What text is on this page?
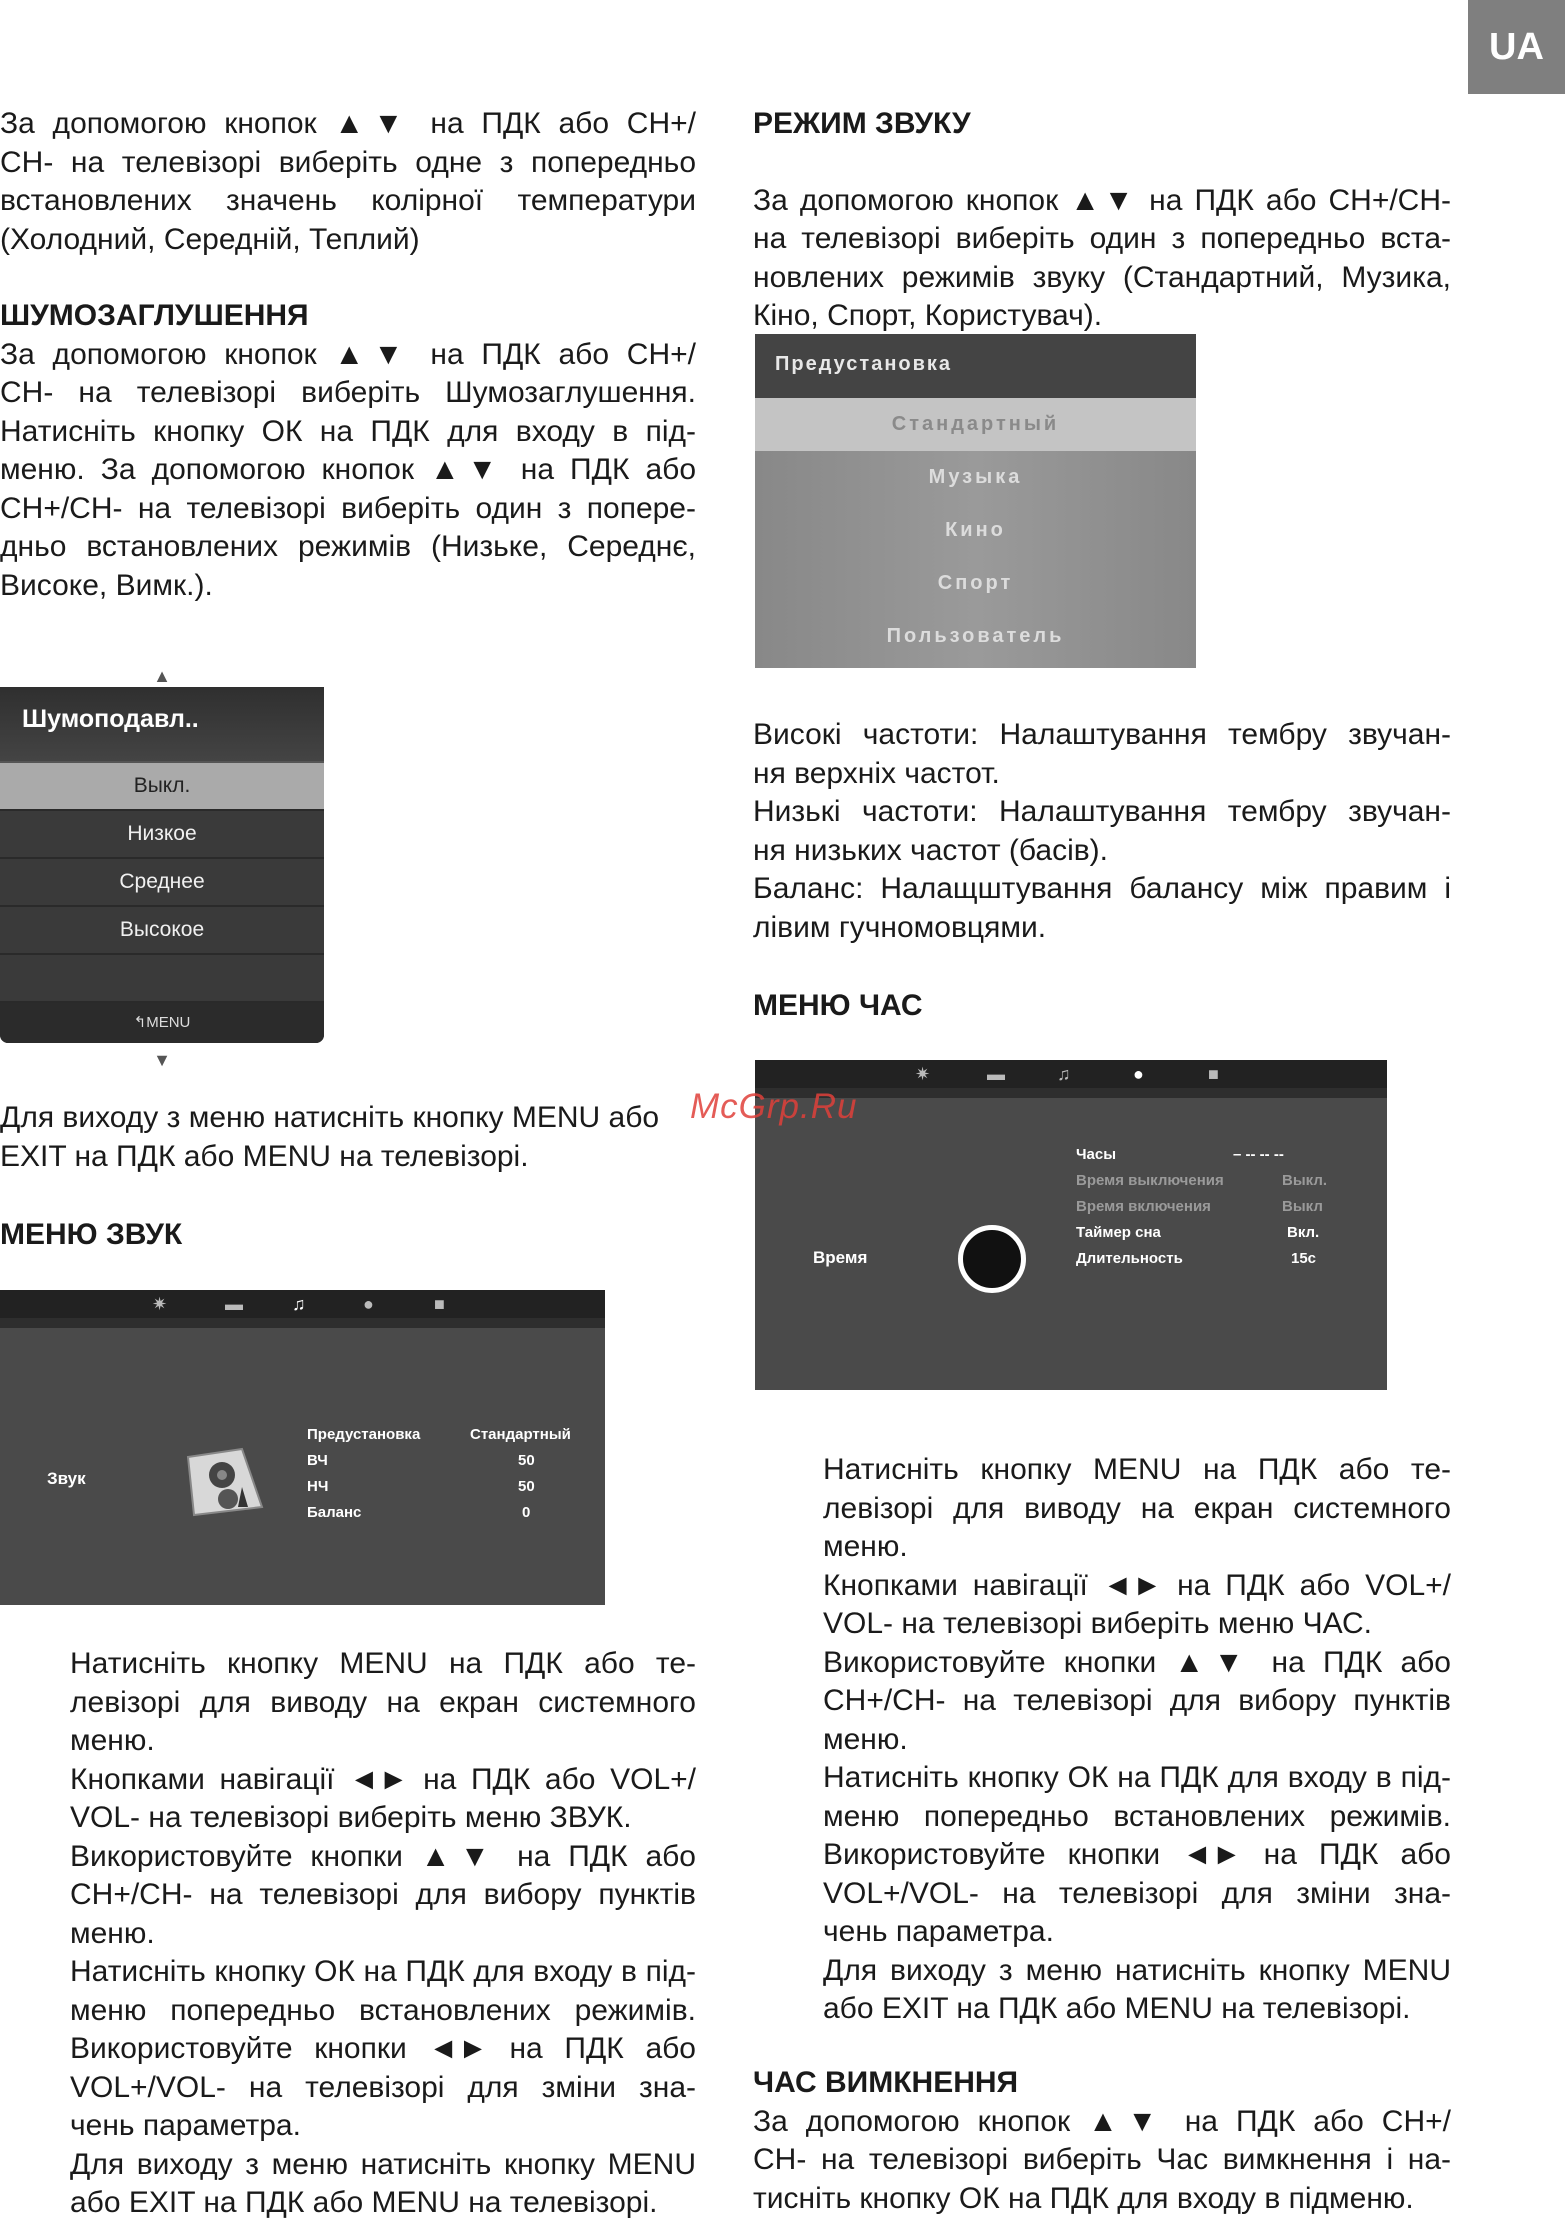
UA

За допомогою кнопок ▲▼ на ПДК або CH+/

CH- на телевізорі виберіть одне з попередньо

встановлених значень колірної температури

(Холодний, Середній, Теплий)

ШУМОЗАГЛУШЕННЯ

За допомогою кнопок ▲▼ на ПДК або CH+/

CH- на телевізорі виберіть Шумозаглушення.

Натисніть кнопку ОК на ПДК для входу в під-

меню. За допомогою кнопок ▲▼ на ПДК або

CH+/CH- на телевізорі виберіть один з попере-

дньо встановлених режимів (Низьке, Середнє,

Високе, Вимк.).

▲
Шумоподавл..
Выкл.
Низкое
Среднее
Высокое
↰MENU
▼

Для виходу з меню натисніть кнопку MENU або

EXIT на ПДК або MENU на телевізорі.

МЕНЮ ЗВУК

✷	▬	♫	●	■
Звук
Предустановка	Стандартный
ВЧ	50
НЧ	50
Баланс	0

Натисніть кнопку MENU на ПДК або те-

левізорі для виводу на екран системного

меню.

Кнопками навігації ◄► на ПДК або VOL+/

VOL- на телевізорі виберіть меню ЗВУК.

Використовуйте кнопки ▲▼ на ПДК або

CH+/CH- на телевізорі для вибору пунктів

меню.

Натисніть кнопку ОК на ПДК для входу в під-

меню попередньо встановлених режимів.

Використовуйте кнопки ◄► на ПДК або

VOL+/VOL- на телевізорі для зміни зна-

чень параметра.

Для виходу з меню натисніть кнопку MENU

або EXIT на ПДК або MENU на телевізорі.

РЕЖИМ ЗВУКУ

За допомогою кнопок ▲▼ на ПДК або CH+/CH-

на телевізорі виберіть один з попередньо вста-

новлених режимів звуку (Стандартний, Музика,

Кіно, Спорт, Користувач).

Предустановка
Стандартный
Музыка
Кино
Спорт
Пользователь

Високі частоти: Налаштування тембру звучан-

ня верхніх частот.

Низькі частоти: Налаштування тембру звучан-

ня низьких частот (басів).

Баланс: Налащштування балансу між правим і

лівим гучномовцями.

МЕНЮ ЧАС

✷	▬	♫	●	■
Время
Часы	– -- -- --
Время выключения	Выкл.
Время включения	Выкл
Таймер сна	Вкл.
Длительность	15с

Натисніть кнопку MENU на ПДК або те-

левізорі для виводу на екран системного

меню.

Кнопками навігації ◄► на ПДК або VOL+/

VOL- на телевізорі виберіть меню ЧАС.

Використовуйте кнопки ▲▼ на ПДК або

CH+/CH- на телевізорі для вибору пунктів

меню.

Натисніть кнопку ОК на ПДК для входу в під-

меню попередньо встановлених режимів.

Використовуйте кнопки ◄► на ПДК або

VOL+/VOL- на телевізорі для зміни зна-

чень параметра.

Для виходу з меню натисніть кнопку MENU

або EXIT на ПДК або MENU на телевізорі.

ЧАС ВИМКНЕННЯ

За допомогою кнопок ▲▼ на ПДК або CH+/

CH- на телевізорі виберіть Час вимкнення і на-

тисніть кнопку ОК на ПДК для входу в підменю.

McGrp.Ru
